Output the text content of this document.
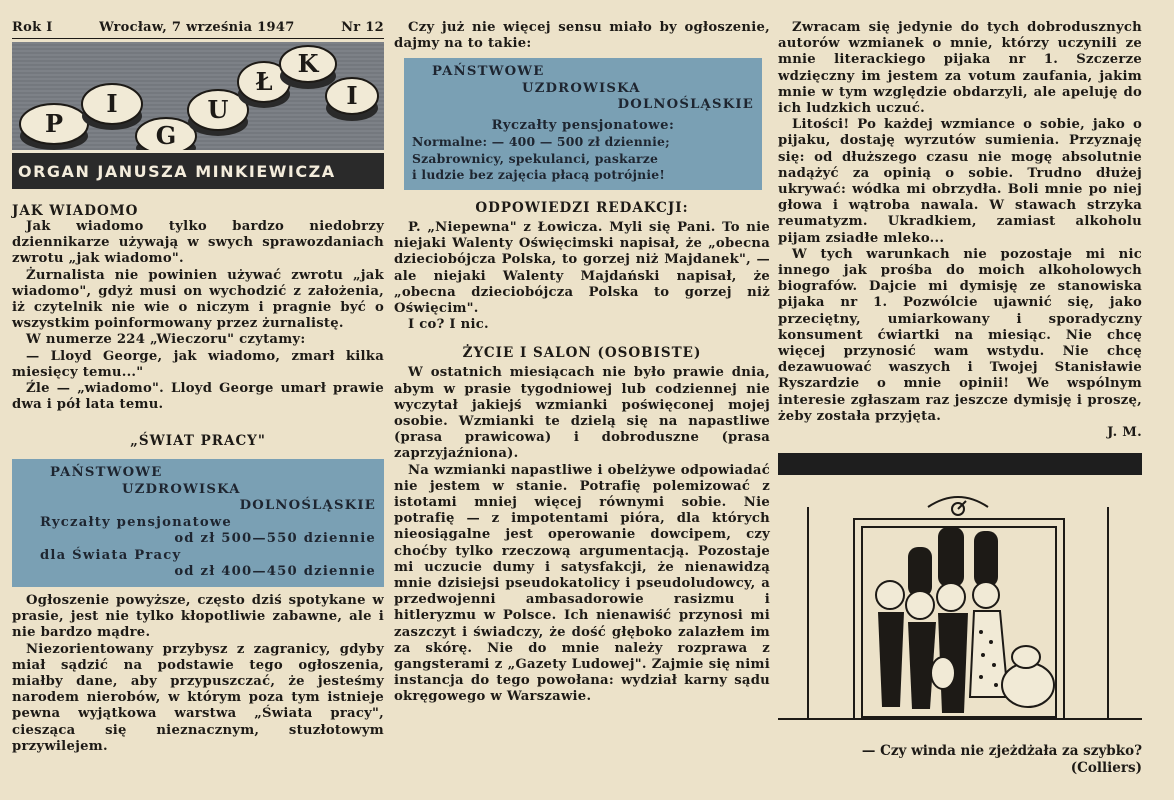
Rok I	Wrocław, 7 września 1947	Nr 12
P
I
G
U
Ł
K
I
ORGAN JANUSZA MINKIEWICZA

JAK WIADOMO

Jak wiadomo tylko bardzo niedobrzy dziennikarze używają w swych sprawozdaniach zwrotu „jak wiadomo".

Żurnalista nie powinien używać zwrotu „jak wiadomo", gdyż musi on wychodzić z założenia, iż czytelnik nie wie o niczym i pragnie być o wszystkim poinformowany przez żurnalistę.

W numerze 224 „Wieczoru" czytamy:

— Lloyd George, jak wiadomo, zmarł kilka miesięcy temu..."

Źle — „wiadomo". Lloyd George umarł prawie dwa i pół lata temu.

„ŚWIAT PRACY"

PAŃSTWOWE
UZDROWISKA
DOLNOŚLĄSKIE
Ryczałty pensjonatowe
od zł 500—550 dziennie
dla Świata Pracy
od zł 400—450 dziennie

Ogłoszenie powyższe, często dziś spotykane w prasie, jest nie tylko kłopotliwie zabawne, ale i nie bardzo mądre.

Niezorientowany przybysz z zagranicy, gdyby miał sądzić na podstawie tego ogłoszenia, miałby dane, aby przypuszczać, że jesteśmy narodem nierobów, w którym poza tym istnieje pewna wyjątkowa warstwa „Świata pracy", ciesząca się nieznacznym, stuzłotowym przywilejem.

Czy już nie więcej sensu miało by ogłoszenie, dajmy na to takie:

PAŃSTWOWE
UZDROWISKA
DOLNOŚLĄSKIE
Ryczałty pensjonatowe:
Normalne: — 400 — 500 zł dziennie;
Szabrownicy, spekulanci, paskarze
i ludzie bez zajęcia płacą potrójnie!

ODPOWIEDZI REDAKCJI:

P. „Niepewna" z Łowicza. Myli się Pani. To nie niejaki Walenty Oświęcimski napisał, że „obecna dzieciobójcza Polska, to gorzej niż Majdanek", — ale niejaki Walenty Majdański napisał, że „obecna dzieciobójcza Polska to gorzej niż Oświęcim".

I co? I nic.

ŻYCIE I SALON (OSOBISTE)

W ostatnich miesiącach nie było prawie dnia, abym w prasie tygodniowej lub codziennej nie wyczytał jakiejś wzmianki poświęconej mojej osobie. Wzmianki te dzielą się na napastliwe (prasa prawicowa) i dobroduszne (prasa zaprzyjaźniona).

Na wzmianki napastliwe i obelżywe odpowiadać nie jestem w stanie. Potrafię polemizować z istotami mniej więcej równymi sobie. Nie potrafię — z impotentami pióra, dla których nieosiągalne jest operowanie dowcipem, czy choćby tylko rzeczową argumentacją. Pozostaje mi uczucie dumy i satysfakcji, że nienawidzą mnie dzisiejsi pseudokatolicy i pseudoludowcy, a przedwojenni ambasadorowie rasizmu i hitleryzmu w Polsce. Ich nienawiść przynosi mi zaszczyt i świadczy, że dość głęboko zalazłem im za skórę. Nie do mnie należy rozprawa z gangsterami z „Gazety Ludowej". Zajmie się nimi instancja do tego powołana: wydział karny sądu okręgowego w Warszawie.

Zwracam się jedynie do tych dobrodusznych autorów wzmianek o mnie, którzy uczynili ze mnie literackiego pijaka nr 1. Szczerze wdzięczny im jestem za votum zaufania, jakim mnie w tym względzie obdarzyli, ale apeluję do ich ludzkich uczuć.

Litości! Po każdej wzmiance o sobie, jako o pijaku, dostaję wyrzutów sumienia. Przyznaję się: od dłuższego czasu nie mogę absolutnie nadążyć za opinią o sobie. Trudno dłużej ukrywać: wódka mi obrzydła. Boli mnie po niej głowa i wątroba nawala. W stawach strzyka reumatyzm. Ukradkiem, zamiast alkoholu pijam zsiadłe mleko...

W tych warunkach nie pozostaje mi nic innego jak prośba do moich alkoholowych biografów. Dajcie mi dymisję ze stanowiska pijaka nr 1. Pozwólcie ujawnić się, jako przeciętny, umiarkowany i sporadyczny konsument ćwiartki na miesiąc. Nie chcę więcej przynosić wam wstydu. Nie chcę dezawuować waszych i Twojej Stanisławie Ryszardzie o mnie opinii! We wspólnym interesie zgłaszam raz jeszcze dymisję i proszę, żeby została przyjęta.

J. M.

— Czy winda nie zjeżdżała za szybko?

(Colliers)
